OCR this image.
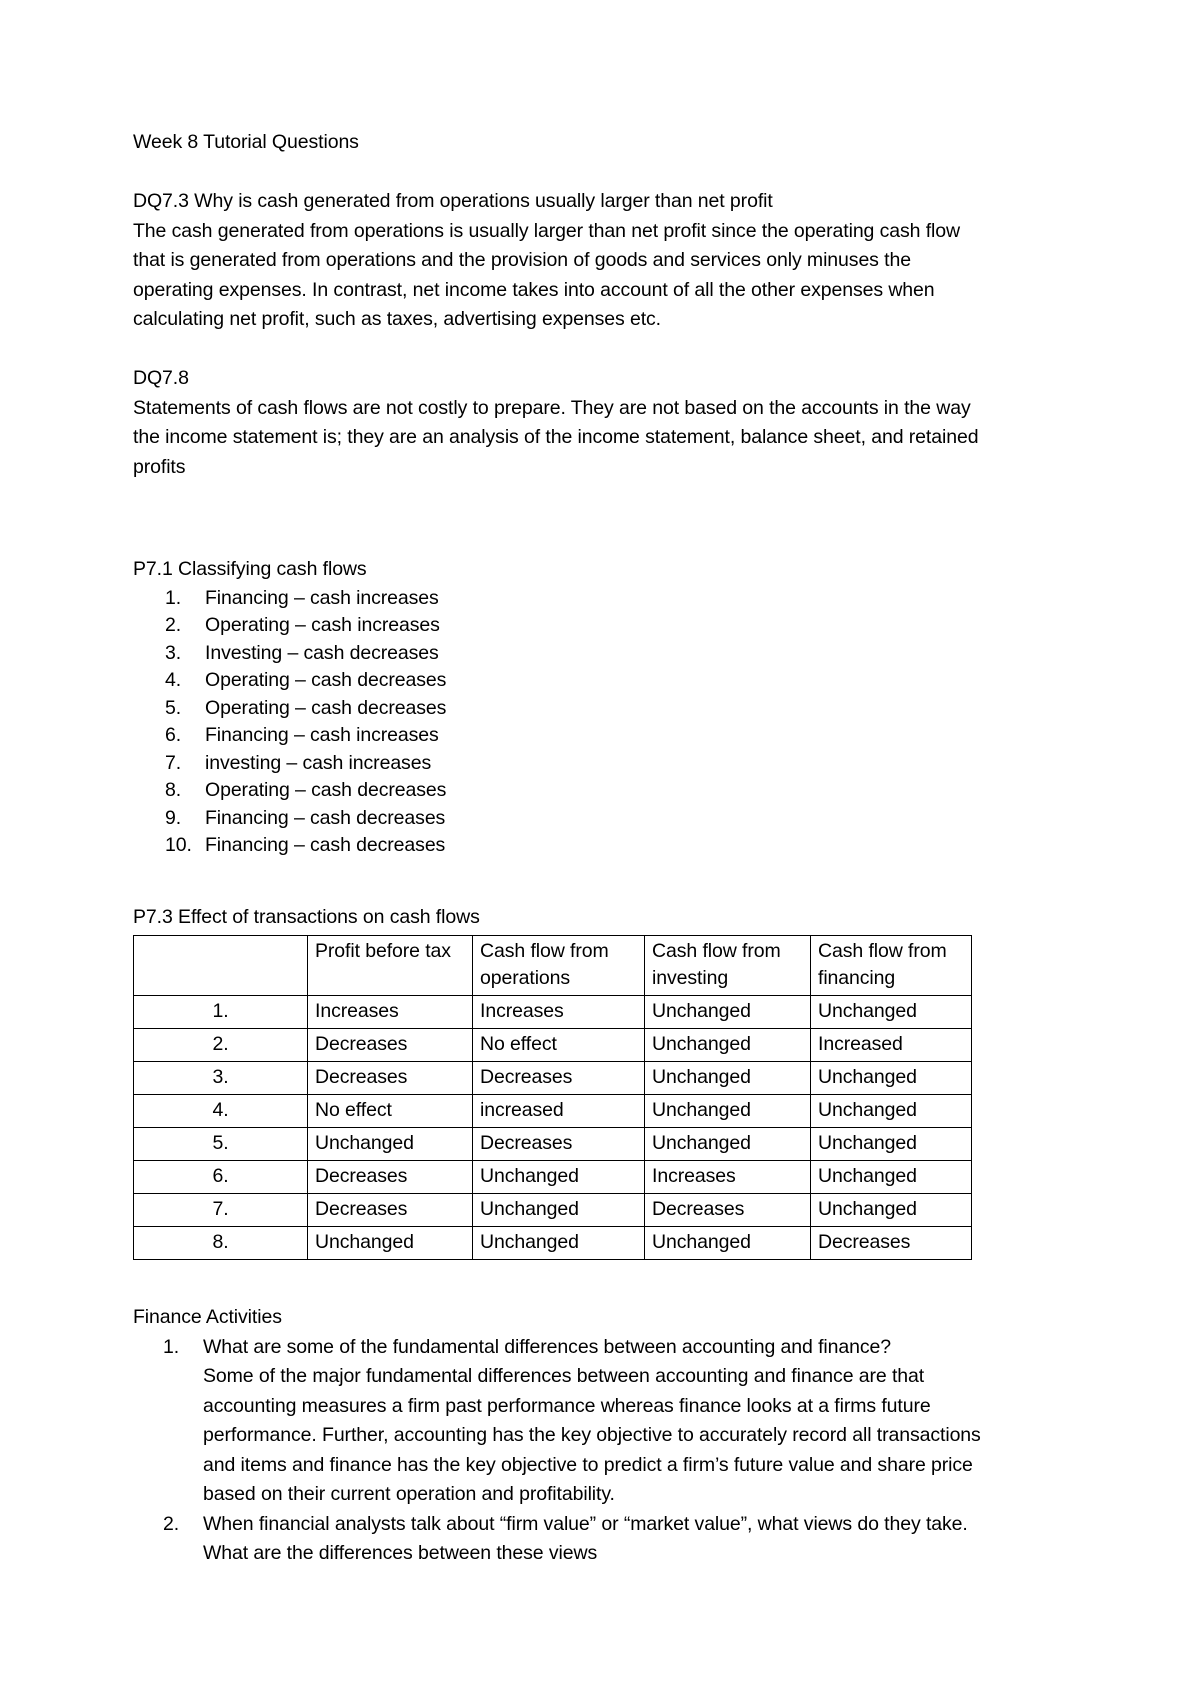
Week 8 Tutorial Questions

DQ7.3 Why is cash generated from operations usually larger than net profit

The cash generated from operations is usually larger than net profit since the operating cash flow that is generated from operations and the provision of goods and services only minuses the operating expenses. In contrast, net income takes into account of all the other expenses when calculating net profit, such as taxes, advertising expenses etc.

DQ7.8

Statements of cash flows are not costly to prepare. They are not based on the accounts in the way the income statement is; they are an analysis of the income statement, balance sheet, and retained profits

P7.1 Classifying cash flows

1.	Financing – cash increases
2.	Operating – cash increases
3.	Investing – cash decreases
4.	Operating – cash decreases
5.	Operating – cash decreases
6.	Financing – cash increases
7.	investing – cash increases
8.	Operating – cash decreases
9.	Financing – cash decreases
10. Financing – cash decreases

P7.3 Effect of transactions on cash flows

	Profit before tax	Cash flow from operations	Cash flow from investing	Cash flow from financing
1.	Increases	Increases	Unchanged	Unchanged
2.	Decreases	No effect	Unchanged	Increased
3.	Decreases	Decreases	Unchanged	Unchanged
4.	No effect	increased	Unchanged	Unchanged
5.	Unchanged	Decreases	Unchanged	Unchanged
6.	Decreases	Unchanged	Increases	Unchanged
7.	Decreases	Unchanged	Decreases	Unchanged
8.	Unchanged	Unchanged	Unchanged	Decreases

Finance Activities

1.	What are some of the fundamental differences between accounting and finance?
Some of the major fundamental differences between accounting and finance are that accounting measures a firm past performance whereas finance looks at a firms future performance. Further, accounting has the key objective to accurately record all transactions and items and finance has the key objective to predict a firm’s future value and share price based on their current operation and profitability.
2.	When financial analysts talk about “firm value” or “market value”, what views do they take. What are the differences between these views
